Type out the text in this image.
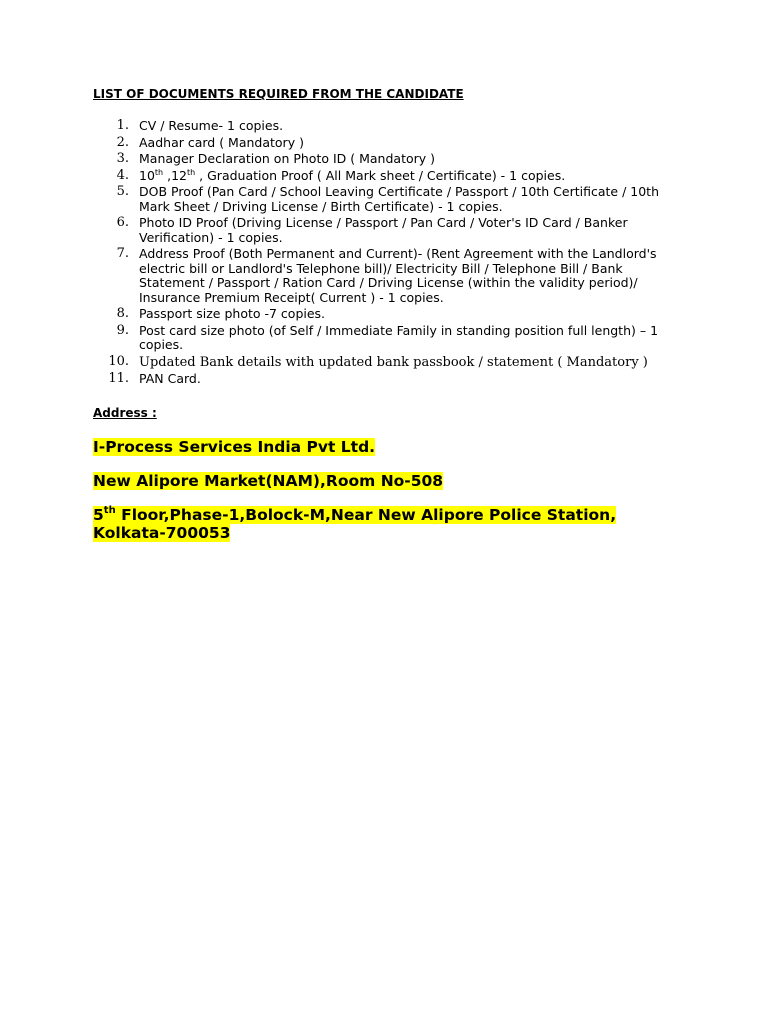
LIST OF DOCUMENTS REQUIRED FROM THE CANDIDATE
1. CV / Resume- 1 copies.
2. Aadhar card ( Mandatory )
3. Manager Declaration on Photo ID ( Mandatory )
4. 10th ,12th , Graduation Proof ( All Mark sheet / Certificate) - 1 copies.
5. DOB Proof (Pan Card / School Leaving Certificate / Passport / 10th Certificate / 10th Mark Sheet / Driving License / Birth Certificate) - 1 copies.
6. Photo ID Proof (Driving License / Passport / Pan Card / Voter's ID Card / Banker Verification) - 1 copies.
7. Address Proof (Both Permanent and Current)- (Rent Agreement with the Landlord's electric bill or Landlord's Telephone bill)/ Electricity Bill / Telephone Bill / Bank Statement / Passport / Ration Card / Driving License (within the validity period)/ Insurance Premium Receipt( Current ) - 1 copies.
8. Passport size photo -7 copies.
9. Post card size photo (of Self / Immediate Family in standing position full length) – 1 copies.
10. Updated Bank details with updated bank passbook / statement ( Mandatory )
11. PAN Card.
Address :
I-Process Services India Pvt Ltd.
New Alipore Market(NAM),Room No-508
5th Floor,Phase-1,Bolock-M,Near New Alipore Police Station,
Kolkata-700053
